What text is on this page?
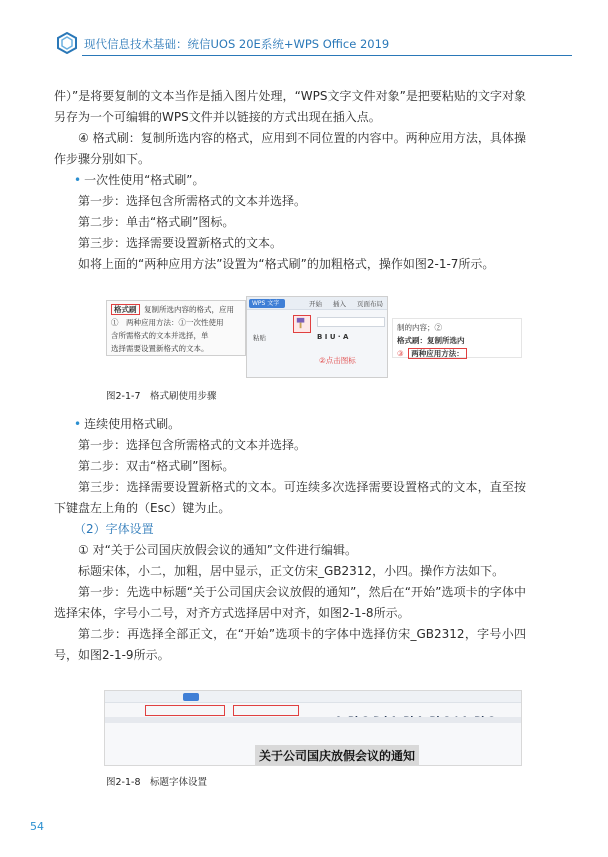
现代信息技术基础：统信UOS 20E系统+WPS Office 2019

件）”是将要复制的文本当作是插入图片处理，“WPS文字文件对象”是把要粘贴的文字对象另存为一个可编辑的WPS文件并以链接的方式出现在插入点。

④ 格式刷：复制所选内容的格式，应用到不同位置的内容中。两种应用方法，具体操作步骤分别如下。

• 一次性使用“格式刷”。

第一步：选择包含所需格式的文本并选择。

第二步：单击“格式刷”图标。

第三步：选择需要设置新格式的文本。

如将上面的“两种应用方法”设置为“格式刷”的加粗格式，操作如图2-1-7所示。

格式刷 复制所选内容的格式，应用
①　两种应用方法：①一次性使用
含所需格式的文本并选择，单
选择需要设置新格式的文本。
WPS 文字	开始 插入 页面布局
粘贴
②点击图标
B I U · A
制的内容；②
格式刷：复制所选内
③ 两种应用方法：
图2-1-7　格式刷使用步骤

• 连续使用格式刷。

第一步：选择包含所需格式的文本并选择。

第二步：双击“格式刷”图标。

第三步：选择需要设置新格式的文本。可连续多次选择需要设置格式的文本，直至按下键盘左上角的（Esc）键为止。

（2）字体设置

① 对“关于公司国庆放假会议的通知”文件进行编辑。

标题宋体，小二，加粗，居中显示，正文仿宋_GB2312，小四。操作方法如下。

第一步：先选中标题“关于公司国庆会议放假的通知”，然后在“开始”选项卡的字体中选择宋体，字号小二号，对齐方式选择居中对齐，如图2-1-8所示。

第二步：再选择全部正文，在“开始”选项卡的字体中选择仿宋_GB2312，字号小四号，如图2-1-9所示。

关于公司国庆放假会议的通知
图2-1-8　标题字体设置
54
